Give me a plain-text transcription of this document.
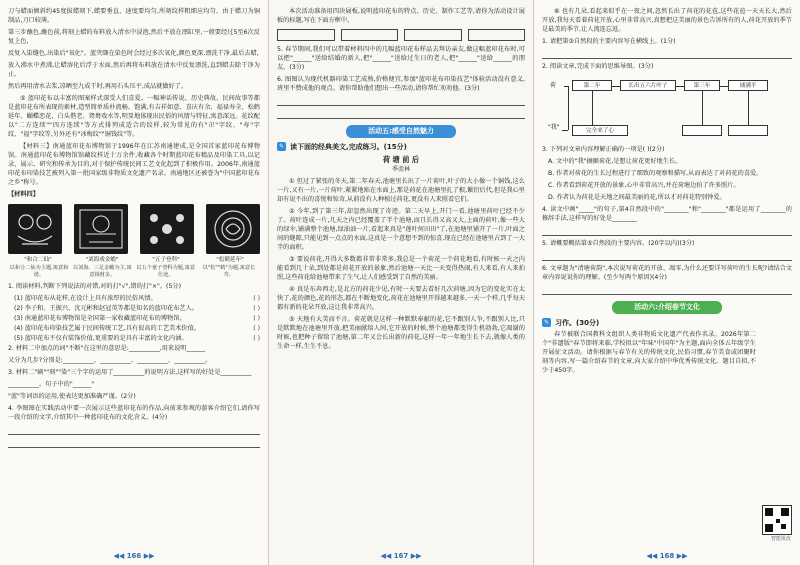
刀与蜡面倾斜约45度拔蜡刻下,蜡要垂直、速度要均匀,所刻纹样粗细应均匀、由于蜡刀为铜制品,刀口较薄,

第三步蘸色,蘸色前,将刻上蜡的布料放入清水中浸泡,然后平放在漂缸里,一般要经过5至6次反复上色,

反复入染缝色,出染后"氧化"。蓝夹缬在染色时会经过多次氧化,颜色更深,漂洗干净,最后去蜡,

放入沸水中煮沸,让蜡溶化后浮于水面,然后再将布料放在清水中反复漂洗,直到蜡去除干净为止,

然后再用清水去浆,凉晒至九成干时,再用石头压平,成品就做好了。

⑤ 蓝印花布以丰富的图案样式深受人们喜爱。一幅神话传说、历史典故、民间故事等都是蓝印花布所表现的素材,造型简单质朴流畅、饱满,有吉祥如意、喜庆有余、福禄寿全、松鹤延年、蝴蝶恋花、白头偕老、鸳鸯戏水等,明显地体现出民俗的风情与特征,寓意深远。花纹配以"二方连续""四方连续"等方式排列成适合的纹样,较为常见的有"卍"字纹、"寿"字纹、"福"字纹等,另外还有"冰梅纹""铜钱纹"等。

【材料三】南通蓝印花布博物馆于1996年在江苏南通建成,是全国首家蓝印花布博物馆。南通蓝印花布博物馆馆藏纹样近十万余件,收藏各个时期蓝印花布精品及印染工具,以记录、展示、研究和传承为目的,对于保护传统民间工艺文化起到了积极作用。2006年,南通蓝印花布印染技艺被列入第一批国家级非物质文化遗产名录。南通地区还被誉为"中国蓝印花布之乡"称号。

【材料四】

"和合二仙"	"刘海戏金蟾"	"五子登科"	"松鹤延年"
以和合二仙为主题,寓意和谐。
以刘海、三足金蟾为主,寓意钱财多。
以五个童子登科为题,寓意仕途。
以"松""鹤"为题,寓意长寿。

1. 阅读材料,判断下列说法的对错,对的打"√",错的打"×"。(5分)

(1) 蓝印花布从花样,在设计上具有浓厚的民俗风情。	( )
(2) 李子和、王振兴、沈元彬和赵冠英等都是知名的蓝印花布艺人。	( )
(3) 南通蓝印花布博物馆是全国第一家收藏蓝印花布的博物馆。	( )
(4) 蓝印花布印染技艺属于民间传统工艺,具有很高的工艺美术价值。	( )
(5) 蓝印花布不仅有装饰价值,更重要的是具有丰富的文化内涵。	( )

2. 材料二中加点的词"不断"在这里的意思是:__________,用来说明______

又分为几步?分别是:__________、__________、__________、__________。

3. 材料二"刷""刻""染"三个字的运用了__________的说明方法,这样写的好处是__________

__________。句子中的"______"

"蓝"等词语的运用,使表达更加准确严谨。(2分)

4. 李图图在实践活动中要一次展示这些蓝印花布的作品,向前来参观的游客介绍它们,请你写一段介绍的文字,介绍其中一种蓝印花布的文化含义。(4分)

◀◀ 166 ▶▶

本次活动准备用四块展板,说明蓝印花布的特点、历史、制作工艺等,请你为活动设计展板的标题,写在下面方框中。

5. 春节期间,我们可以带着材料四中的几幅蓝印花布样品去拜访亲友,做这幅蓝印花布时,可以把"______"送给结婚的新人,把"______"送给过生日的老人,把"______"送给______的朋友。(3分)

6. 图图认为现代机器印染工艺成熟,价格便宜,参加"蓝印花布印染技艺"体验活动没有意义,班里不赞成他的观点。请你帮助他们想出一些活动,请你帮忙劝劝他。(3分)

活动五:感受自然魅力
✎ 读下面的经典美文,完成练习。(15分)
荷 塘 前 后
季羡林

① 但过了紧张的冬天,第二年春天,池塘里长出了一片荷叶,叶子的大小像一个铜钱,这么一片,又有一片,一片荷叶,紧紧地贴在水面上,那是荷花在池塘里扎了根,繁衍后代,但是我心里却有说不出的喜悦和惊奇,从前没有人种植过荷花,更没有人来照看它们。

② 今年,到了第三年,却忽然出现了奇迹。第二天早上,开门一看,池塘里荷叶已经不少了。荷叶连成一片,几天之内已经覆盖了半个池塘,而且长得又高又大,上面的荷叶,像一些大的绿伞,铺满整个池塘,绿油油一片,看起来真是"莲叶何田田"了,在池塘里铺开了一片,叶面之间的缝隙,只能见到一点点的水面,这真是一个意想不到的惊喜,现在已经在池塘里占到了一大半的面积。

③ 要说荷花,开得大多数都非常非常多,我总是一个荷花一个荷花地看,有时候一天之内能看到几十朵,到处都是荷花开放的景象,然后池塘一天比一天变得热闹,有人来看,有人来拍照,这些荷花给池塘带来了生气,让人们感受到了自然的美丽。

④ 真是东奔西走,是北方的荷花少见,有时一天要去看好几次荷塘,因为它的变化实在太快了,花的颜色,花的形态,都在不断地变化,荷花在池塘里开得越来越多,一天一个样,几乎每天都有新的花朵开放,这让我非常高兴。

⑤ 天地有大美而不言。荷花就是这样一种默默奉献的花,它不跟别人争,不跟别人比,只是默默地在池塘里开放,把美丽献给人间,它开放的时候,整个池塘都变得生机勃勃,它凋谢的时候,也把种子留给了池塘,第二年又会长出新的荷花,这样一年一年地生长下去,就像人类的生命一样,生生不息。

◀◀ 167 ▶▶

⑥ 也有几朵,看起来似乎在一夜之间,忽然长出了荷花的花苞,这些花苞一天天长大,然后开放,我每天看着荷花开放,心里非常高兴,真想把这美丽的景色告诉所有的人,荷花开放的季节是最美的季节,让人流连忘返。

1. 请把第③自然段的主要内容写在横线上。(1分)

2. 阅读文章,完成下面的思维导图。(3分)

荷
"我"
第二年	长出五六片叶子	第三年	铺满半
完全来了心

3. 下列对文章内容理解正确的一项是( )(2分)

A. 文中的"我"摘掘荷花,是想让荷花更好地生长。

B. 作者对荷花的生长过程进行了细致的观察和描写,从而表达了对荷花的喜爱。

C. 作者看到荷花开放的景象,心中非常高兴,并在荷塘边拍了许多照片。

D. 作者认为荷花是天地之间最美丽的花,所以才对荷花特别钟爱。

4. 读文中画"_____"的句子,第4自然段中的"________"和"________"都是运用了________的修辞手法,这样写的好处是________

5. 请概要概括第⑤自然段的主要内容。(20字以内)(3分)

6. 文章题为"清塘荷韵",本次说写荷花的开放、凋零,为什么还要详写荷叶的生长呢?请结合文章内容说说你的理解。(至少写两个原因)(4分)

活动六:介绍春节文化
✎ 习作。(30分)

春节被联合国教科文组织人类非物质文化遗产代表作名录。2026年第二个"非遗版"春节即将来临,学校拟以"年味"中国年"为主题,面向全体五年级学生开展征文活动。请你根据与春节有关的传统文化,民俗习惯,春节美食或团聚时刻等内容,写一篇介绍春节的文章,向大家介绍中华优秀传统文化。题目自拟,不少于450字。

智能批改
◀◀ 168 ▶▶
